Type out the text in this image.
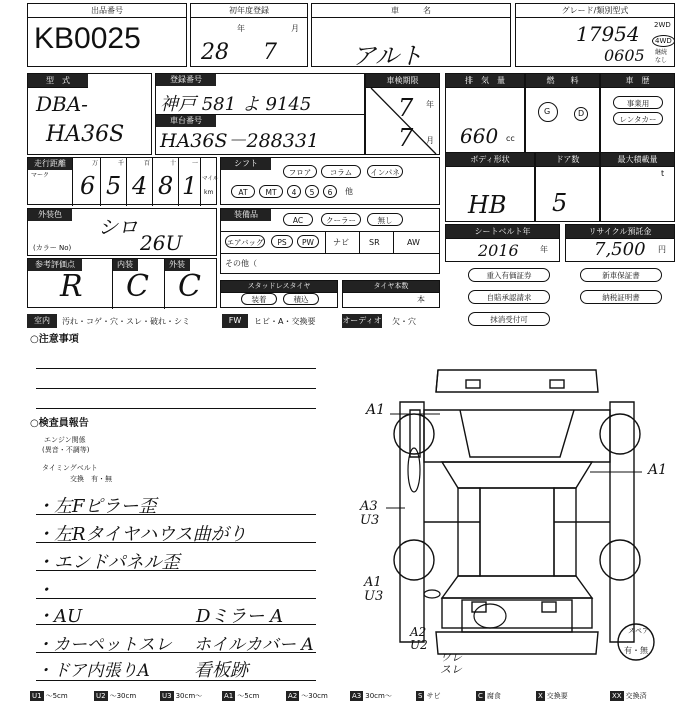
出品番号
KB0025
初年度登録
年	月
28 7
車　　　名
アルト
グレード/類別型式
17954
0605
2WD
4WD
継続
なし
型　式
DBA-
HA36S
登録番号
神戸 581 よ 9145
車台番号
HA36S－288331
車検期限
年
月
7
7
排　気　量
660 cc
燃　　料
G	D
車　歴
事業用
レンタカー
走行距離
マーク
万	千	百	十	一
6 5 4 8 1 マイル
km
シフト
フロア	コラム	インパネ
AT	MT	4	5	6	他
ボディ形状
HB
ドア数
5
最大積載量
t
外装色
シロ
(カラー No)	26U
装備品
AC	クーラー	無し
エアバッグ	PS	PW	ナビ	SR	AW
その他（
シートベルト年
2016	年
リサイクル預託金
7,500 円
参考評価点	内装	外装
R C C	スタッドレスタイヤ
装着	積込
タイヤ本数
本
重入有価証券	新車保証書
自賠承認請求	納税証明書
抹消受付可
室内	汚れ・コゲ・穴・スレ・破れ・シミ	FW	ヒビ・A・交換要	オーディオ 欠・穴
○注意事項
○検査員報告
エンジン関係
(異音・不調等)
タイミングベルト
交換　有・無
・左Fピラー歪
・左Rタイヤハウス曲がり
・エンドパネル歪
・
・AU	Dミラー A
・カーペットスレ ホイルカバー A
・ドア内張りA 看板跡
A1
A1
A3
U3
A1
U3
A2
U2
ワレ
スレ
スペア
有・無
U1 ～5cm	U2 ～30cm	U3 30cm～	A1 ～5cm	A2 ～30cm	A3 30cm～	S サビ	C 腐食	X 交換要	XX 交換済
